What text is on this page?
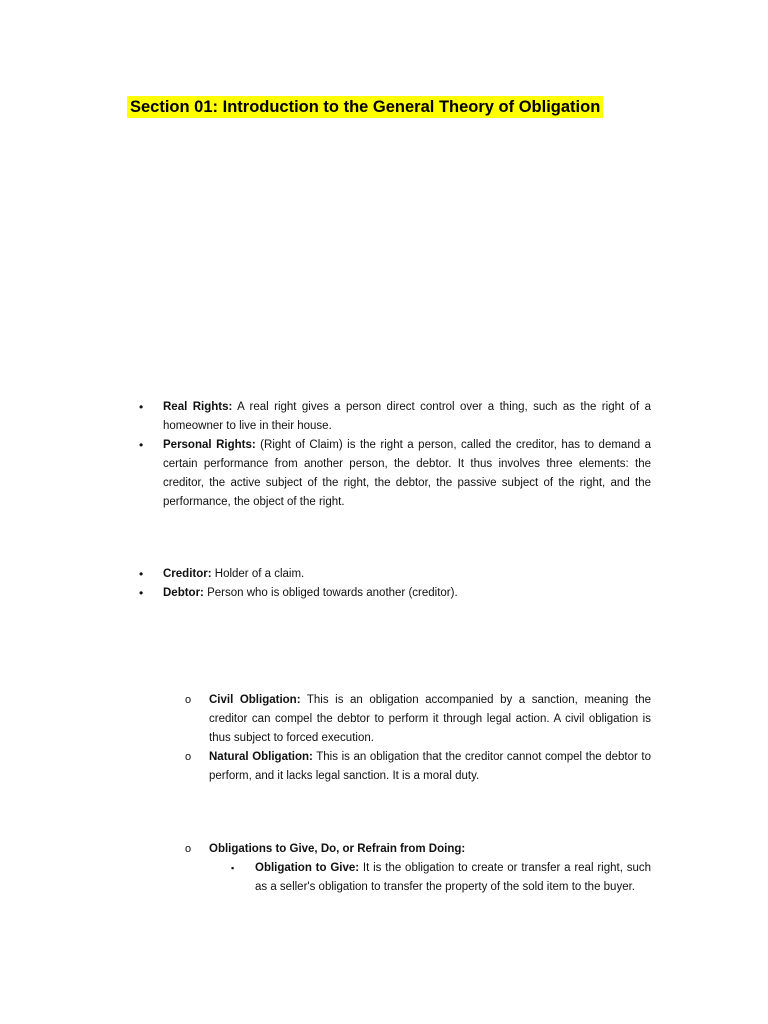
Section 01: Introduction to the General Theory of Obligation
• Real Rights: A real right gives a person direct control over a thing, such as the right of a homeowner to live in their house.
• Personal Rights: (Right of Claim) is the right a person, called the creditor, has to demand a certain performance from another person, the debtor. It thus involves three elements: the creditor, the active subject of the right, the debtor, the passive subject of the right, and the performance, the object of the right.
• Creditor: Holder of a claim.
• Debtor: Person who is obliged towards another (creditor).
o Civil Obligation: This is an obligation accompanied by a sanction, meaning the creditor can compel the debtor to perform it through legal action. A civil obligation is thus subject to forced execution.
o Natural Obligation: This is an obligation that the creditor cannot compel the debtor to perform, and it lacks legal sanction. It is a moral duty.
o Obligations to Give, Do, or Refrain from Doing:
▪ Obligation to Give: It is the obligation to create or transfer a real right, such as a seller's obligation to transfer the property of the sold item to the buyer.
